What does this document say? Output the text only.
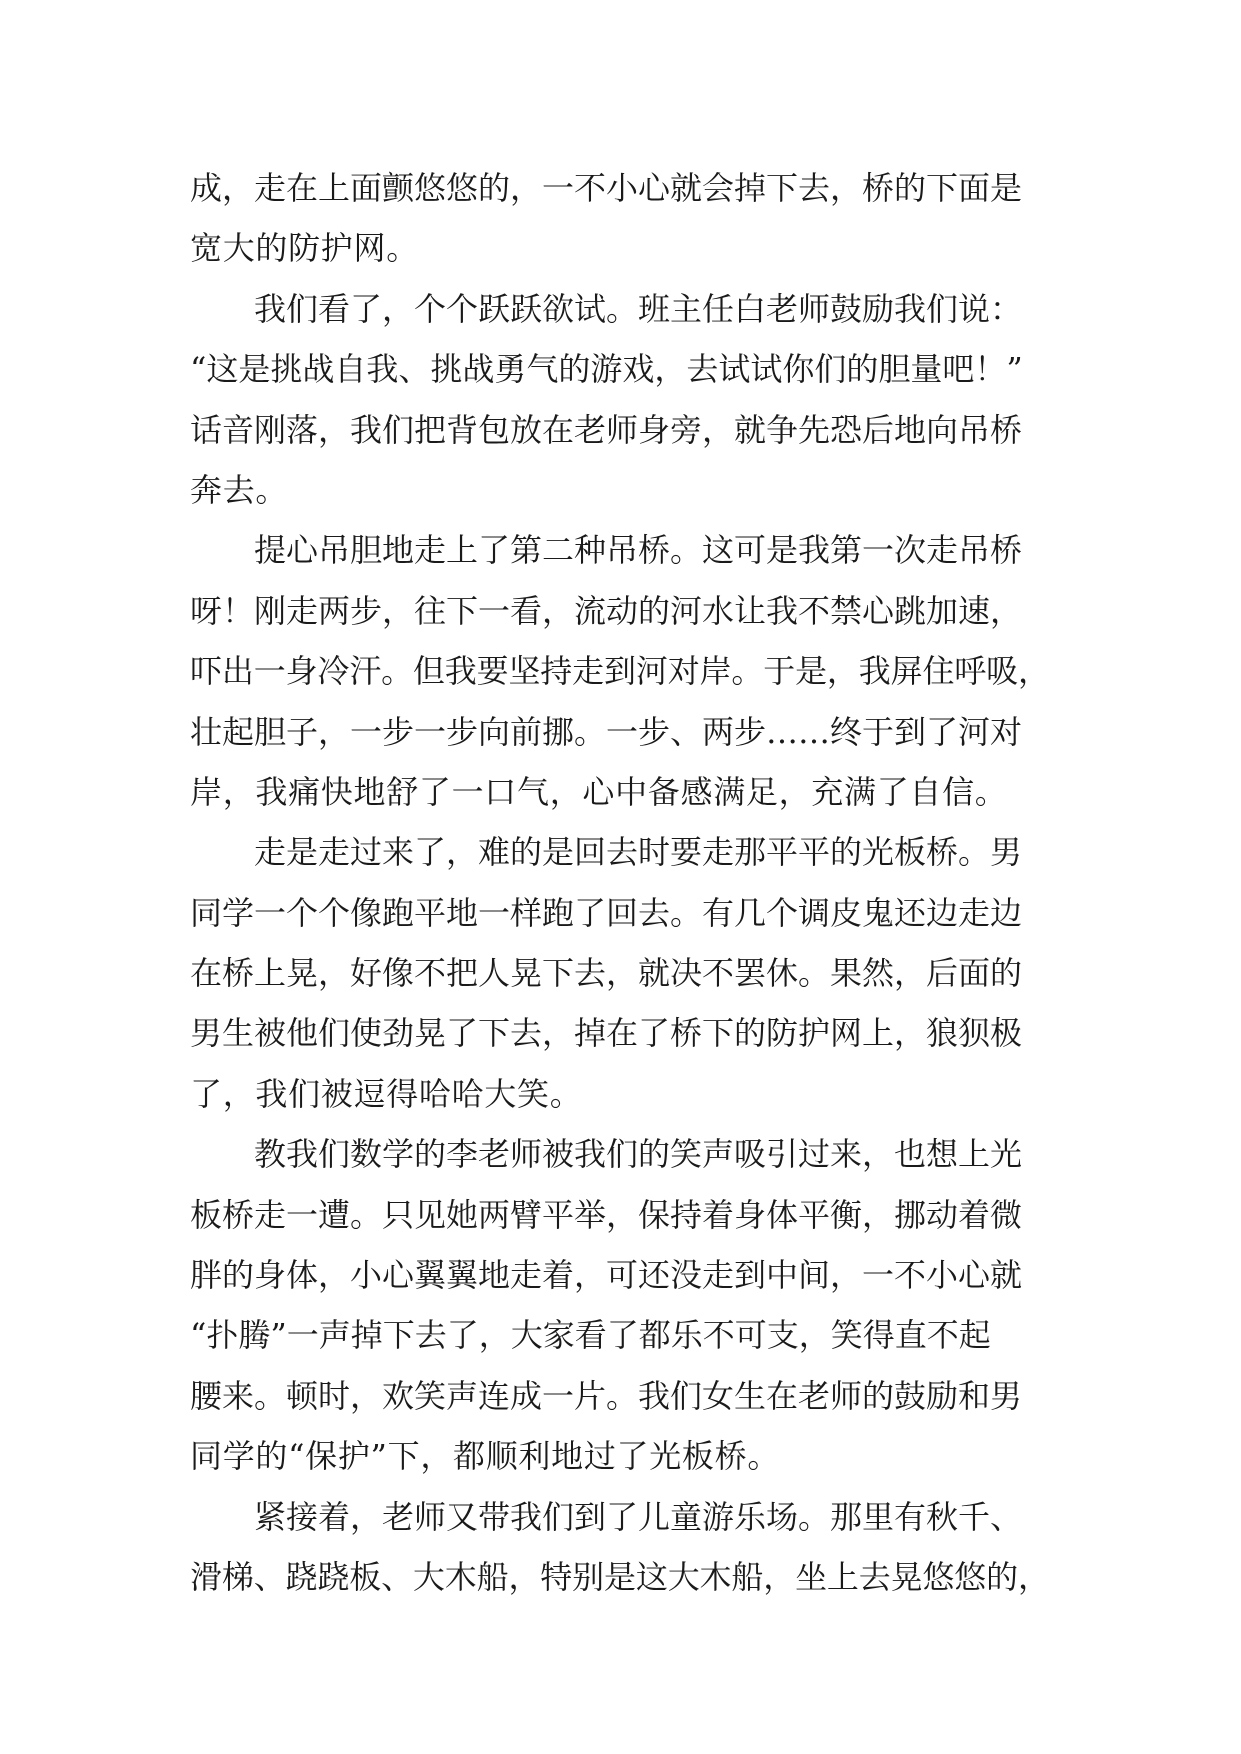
成，走在上面颤悠悠的，一不小心就会掉下去，桥的下面是
宽大的防护网。
我们看了，个个跃跃欲试。班主任白老师鼓励我们说：
“这是挑战自我、挑战勇气的游戏，去试试你们的胆量吧！”
话音刚落，我们把背包放在老师身旁，就争先恐后地向吊桥
奔去。
提心吊胆地走上了第二种吊桥。这可是我第一次走吊桥
呀！刚走两步，往下一看，流动的河水让我不禁心跳加速，
吓出一身冷汗。但我要坚持走到河对岸。于是，我屏住呼吸，
壮起胆子，一步一步向前挪。一步、两步……终于到了河对
岸，我痛快地舒了一口气，心中备感满足，充满了自信。
走是走过来了，难的是回去时要走那平平的光板桥。男
同学一个个像跑平地一样跑了回去。有几个调皮鬼还边走边
在桥上晃，好像不把人晃下去，就决不罢休。果然，后面的
男生被他们使劲晃了下去，掉在了桥下的防护网上，狼狈极
了，我们被逗得哈哈大笑。
教我们数学的李老师被我们的笑声吸引过来，也想上光
板桥走一遭。只见她两臂平举，保持着身体平衡，挪动着微
胖的身体，小心翼翼地走着，可还没走到中间，一不小心就
“扑腾”一声掉下去了，大家看了都乐不可支，笑得直不起
腰来。顿时，欢笑声连成一片。我们女生在老师的鼓励和男
同学的“保护”下，都顺利地过了光板桥。
紧接着，老师又带我们到了儿童游乐场。那里有秋千、
滑梯、跷跷板、大木船，特别是这大木船，坐上去晃悠悠的，
